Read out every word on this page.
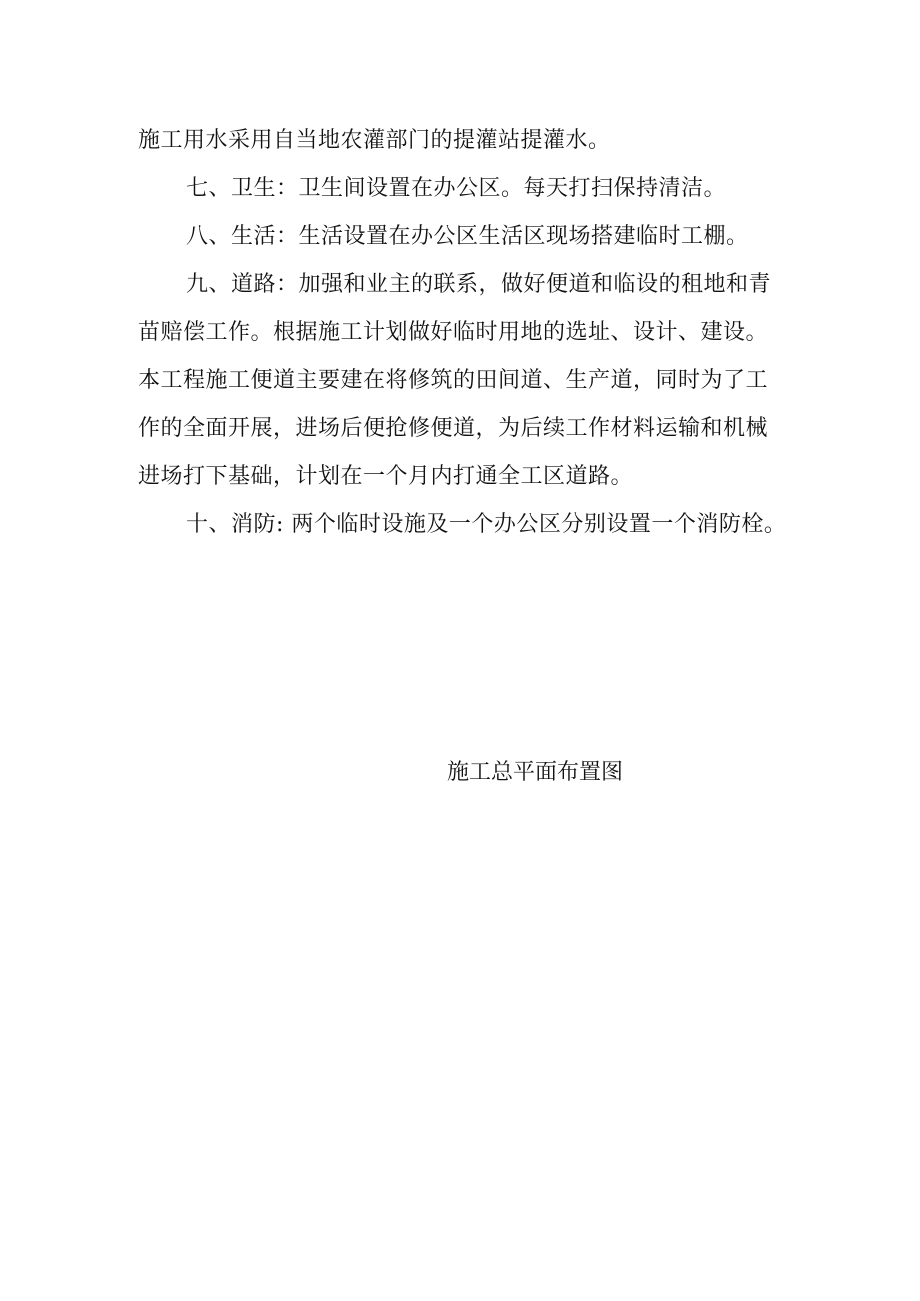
施工用水采用自当地农灌部门的提灌站提灌水。
七、卫生：卫生间设置在办公区。每天打扫保持清洁。
八、生活：生活设置在办公区生活区现场搭建临时工棚。
九、道路：加强和业主的联系，做好便道和临设的租地和青
苗赔偿工作。根据施工计划做好临时用地的选址、设计、建设。
本工程施工便道主要建在将修筑的田间道、生产道，同时为了工
作的全面开展，进场后便抢修便道，为后续工作材料运输和机械
进场打下基础，计划在一个月内打通全工区道路。
十、消防: 两个临时设施及一个办公区分别设置一个消防栓。
施工总平面布置图
